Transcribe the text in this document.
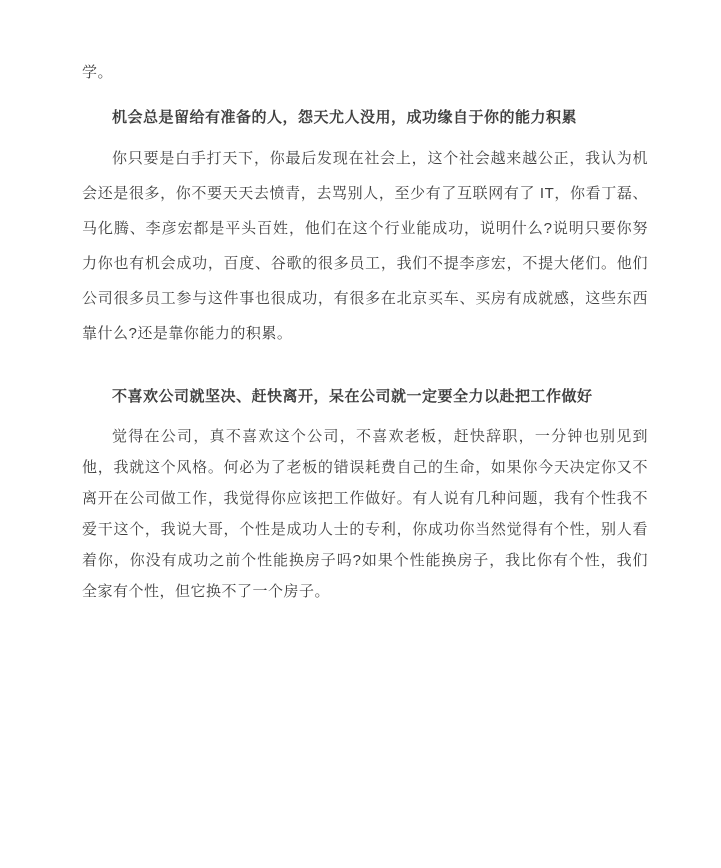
学。

机会总是留给有准备的人，怨天尤人没用，成功缘自于你的能力积累

你只要是白手打天下，你最后发现在社会上，这个社会越来越公正，我认为机会还是很多，你不要天天去愤青，去骂别人，至少有了互联网有了 IT，你看丁磊、马化腾、李彦宏都是平头百姓，他们在这个行业能成功，说明什么?说明只要你努力你也有机会成功，百度、谷歌的很多员工，我们不提李彦宏，不提大佬们。他们公司很多员工参与这件事也很成功，有很多在北京买车、买房有成就感，这些东西靠什么?还是靠你能力的积累。

不喜欢公司就坚决、赶快离开，呆在公司就一定要全力以赴把工作做好

觉得在公司，真不喜欢这个公司，不喜欢老板，赶快辞职，一分钟也别见到他，我就这个风格。何必为了老板的错误耗费自己的生命，如果你今天决定你又不离开在公司做工作，我觉得你应该把工作做好。有人说有几种问题，我有个性我不爱干这个，我说大哥，个性是成功人士的专利，你成功你当然觉得有个性，别人看着你，你没有成功之前个性能换房子吗?如果个性能换房子，我比你有个性，我们全家有个性，但它换不了一个房子。
